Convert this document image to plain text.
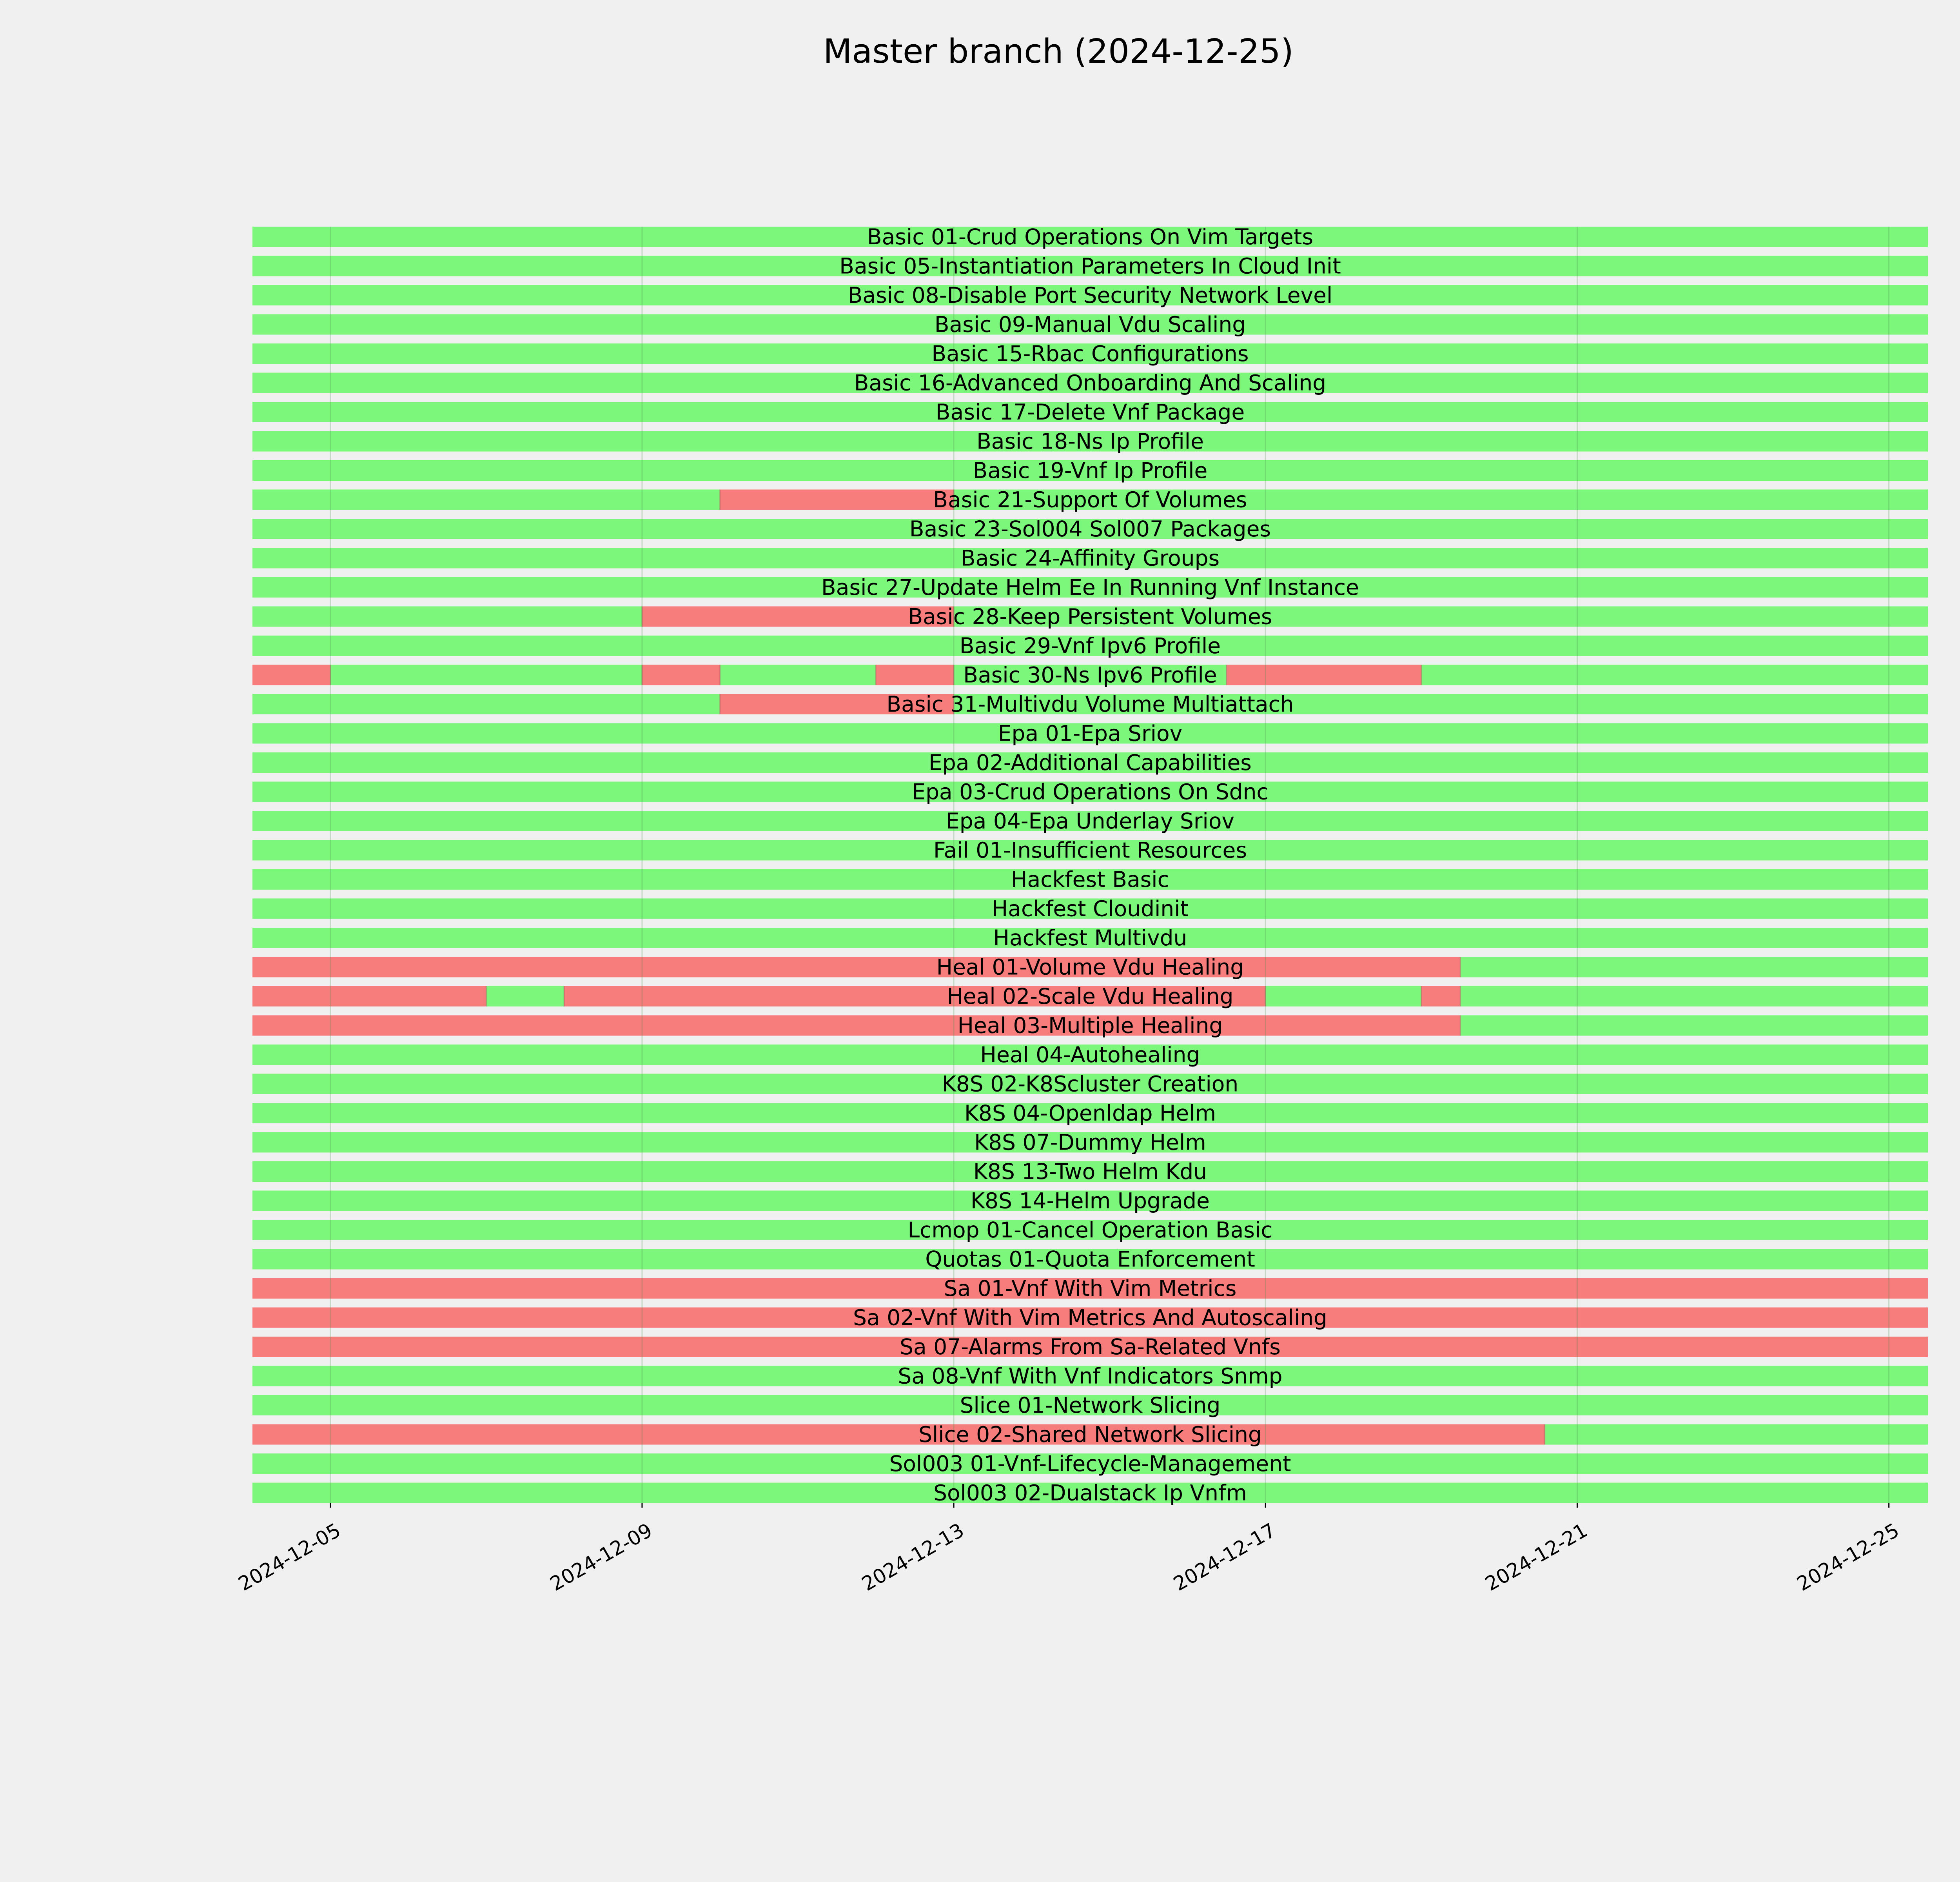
Master branch (2024-12-25)
Basic 01-Crud Operations On Vim Targets
Basic 05-Instantiation Parameters In Cloud Init
Basic 08-Disable Port Security Network Level
Basic 09-Manual Vdu Scaling
Basic 15-Rbac Configurations
Basic 16-Advanced Onboarding And Scaling
Basic 17-Delete Vnf Package
Basic 18-Ns Ip Profile
Basic 19-Vnf Ip Profile
Basic 21-Support Of Volumes
Basic 23-Sol004 Sol007 Packages
Basic 24-Affinity Groups
Basic 27-Update Helm Ee In Running Vnf Instance
Basic 28-Keep Persistent Volumes
Basic 29-Vnf Ipv6 Profile
Basic 30-Ns Ipv6 Profile
Basic 31-Multivdu Volume Multiattach
Epa 01-Epa Sriov
Epa 02-Additional Capabilities
Epa 03-Crud Operations On Sdnc
Epa 04-Epa Underlay Sriov
Fail 01-Insufficient Resources
Hackfest Basic
Hackfest Cloudinit
Hackfest Multivdu
Heal 01-Volume Vdu Healing
Heal 02-Scale Vdu Healing
Heal 03-Multiple Healing
Heal 04-Autohealing
K8S 02-K8Scluster Creation
K8S 04-Openldap Helm
K8S 07-Dummy Helm
K8S 13-Two Helm Kdu
K8S 14-Helm Upgrade
Lcmop 01-Cancel Operation Basic
Quotas 01-Quota Enforcement
Sa 01-Vnf With Vim Metrics
Sa 02-Vnf With Vim Metrics And Autoscaling
Sa 07-Alarms From Sa-Related Vnfs
Sa 08-Vnf With Vnf Indicators Snmp
Slice 01-Network Slicing
Slice 02-Shared Network Slicing
Sol003 01-Vnf-Lifecycle-Management
Sol003 02-Dualstack Ip Vnfm
2024-12-05	2024-12-09	2024-12-13	2024-12-17	2024-12-21	2024-12-25
